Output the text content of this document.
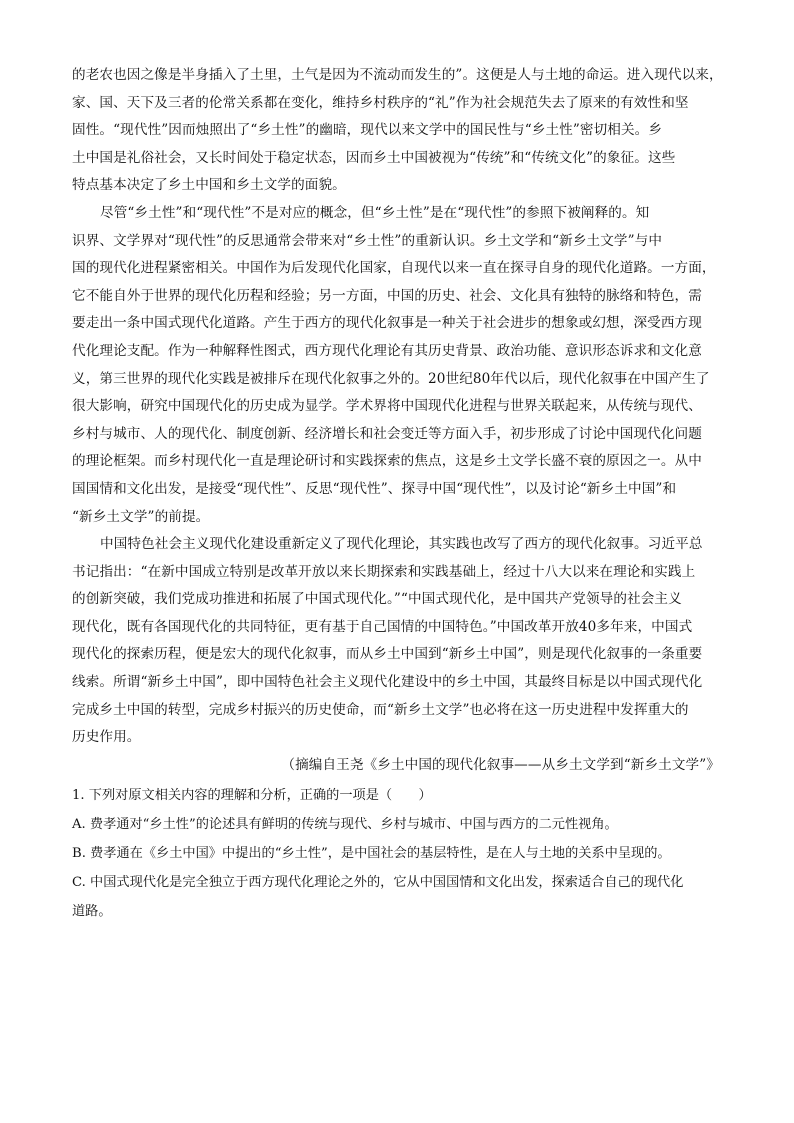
的老农也因之像是半身插入了土里，土气是因为不流动而发生的”。这便是人与土地的命运。进入现代以来，
家、国、天下及三者的伦常关系都在变化，维持乡村秩序的“礼”作为社会规范失去了原来的有效性和坚
固性。“现代性”因而烛照出了“乡土性”的幽暗，现代以来文学中的国民性与“乡土性”密切相关。乡
土中国是礼俗社会，又长时间处于稳定状态，因而乡土中国被视为“传统”和“传统文化”的象征。这些
特点基本决定了乡土中国和乡土文学的面貌。
尽管“乡土性”和“现代性”不是对应的概念，但“乡土性”是在“现代性”的参照下被阐释的。知
识界、文学界对“现代性”的反思通常会带来对“乡土性”的重新认识。乡土文学和“新乡土文学”与中
国的现代化进程紧密相关。中国作为后发现代化国家，自现代以来一直在探寻自身的现代化道路。一方面，
它不能自外于世界的现代化历程和经验；另一方面，中国的历史、社会、文化具有独特的脉络和特色，需
要走出一条中国式现代化道路。产生于西方的现代化叙事是一种关于社会进步的想象或幻想，深受西方现
代化理论支配。作为一种解释性图式，西方现代化理论有其历史背景、政治功能、意识形态诉求和文化意
义，第三世界的现代化实践是被排斥在现代化叙事之外的。20世纪80年代以后，现代化叙事在中国产生了
很大影响，研究中国现代化的历史成为显学。学术界将中国现代化进程与世界关联起来，从传统与现代、
乡村与城市、人的现代化、制度创新、经济增长和社会变迁等方面入手，初步形成了讨论中国现代化问题
的理论框架。而乡村现代化一直是理论研讨和实践探索的焦点，这是乡土文学长盛不衰的原因之一。从中
国国情和文化出发，是接受“现代性”、反思“现代性”、探寻中国“现代性”，以及讨论“新乡土中国”和
“新乡土文学”的前提。
中国特色社会主义现代化建设重新定义了现代化理论，其实践也改写了西方的现代化叙事。习近平总
书记指出：“在新中国成立特别是改革开放以来长期探索和实践基础上，经过十八大以来在理论和实践上
的创新突破，我们党成功推进和拓展了中国式现代化。”“中国式现代化，是中国共产党领导的社会主义
现代化，既有各国现代化的共同特征，更有基于自己国情的中国特色。”中国改革开放40多年来，中国式
现代化的探索历程，便是宏大的现代化叙事，而从乡土中国到“新乡土中国”，则是现代化叙事的一条重要
线索。所谓“新乡土中国”，即中国特色社会主义现代化建设中的乡土中国，其最终目标是以中国式现代化
完成乡土中国的转型，完成乡村振兴的历史使命，而“新乡土文学”也必将在这一历史进程中发挥重大的
历史作用。
（摘编自王尧《乡土中国的现代化叙事——从乡土文学到“新乡土文学”》
1. 下列对原文相关内容的理解和分析，正确的一项是（　　）
A. 费孝通对“乡土性”的论述具有鲜明的传统与现代、乡村与城市、中国与西方的二元性视角。
B. 费孝通在《乡土中国》中提出的“乡土性”，是中国社会的基层特性，是在人与土地的关系中呈现的。
C. 中国式现代化是完全独立于西方现代化理论之外的，它从中国国情和文化出发，探索适合自己的现代化
道路。
